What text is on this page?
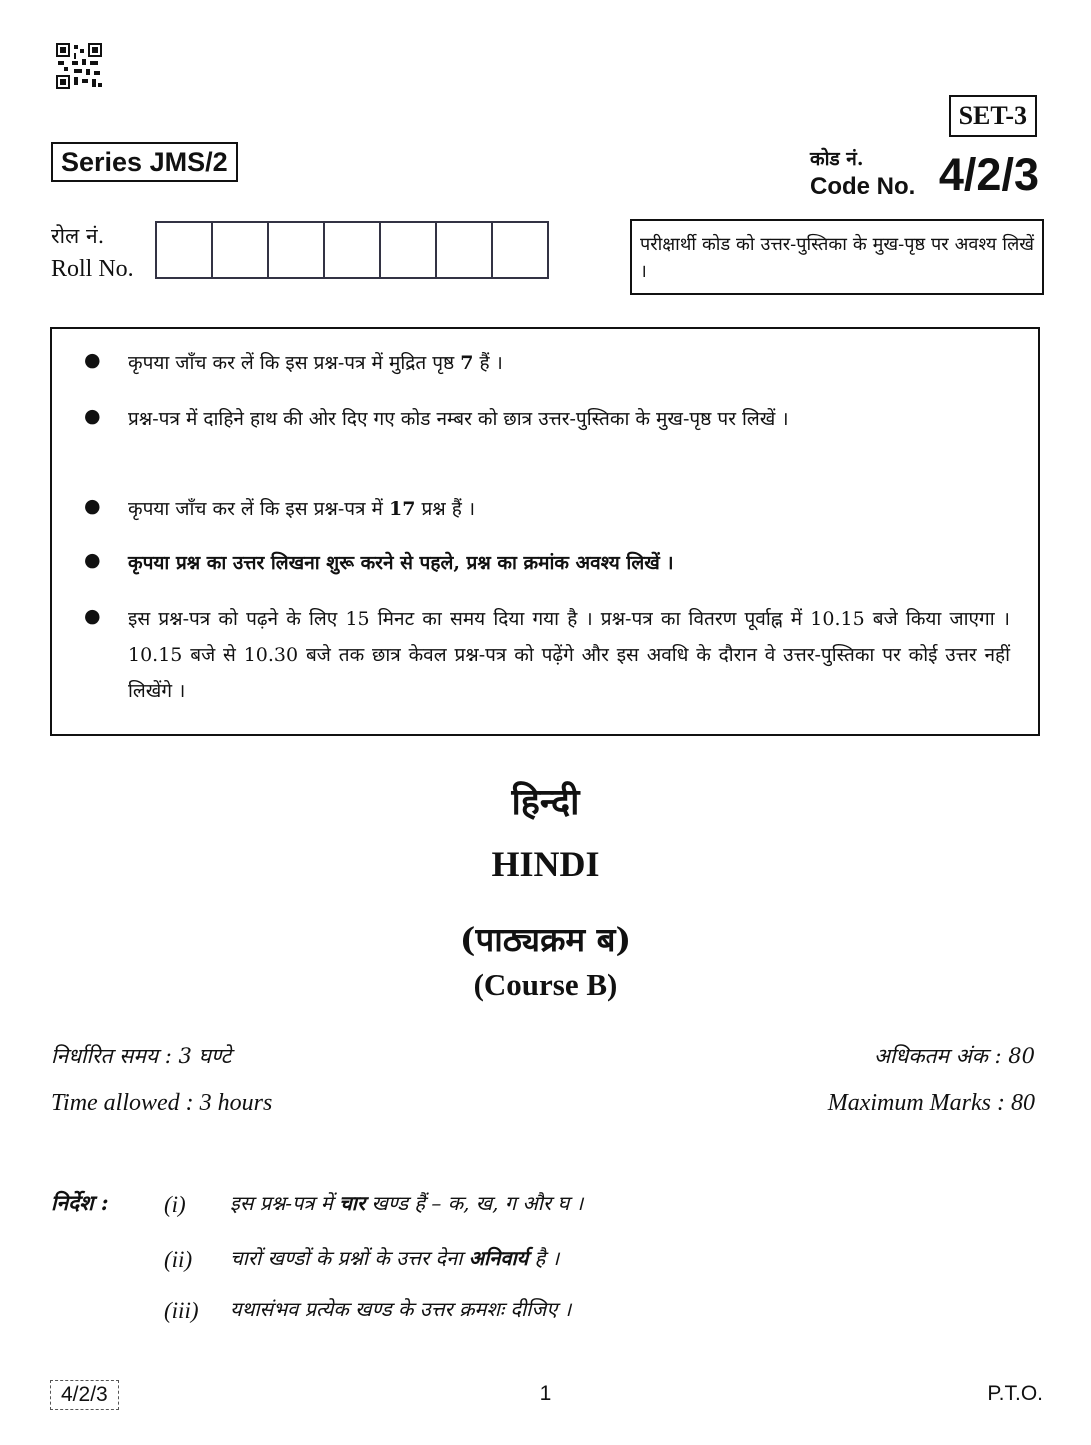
SET-3
Series JMS/2	कोड नं.
Code No. 4/2/3
रोल नं.
Roll No.
परीक्षार्थी कोड को उत्तर-पुस्तिका के मुख-पृष्ठ पर अवश्य लिखें ।
● कृपया जाँच कर लें कि इस प्रश्न-पत्र में मुद्रित पृष्ठ 7 हैं ।
● प्रश्न-पत्र में दाहिने हाथ की ओर दिए गए कोड नम्बर को छात्र उत्तर-पुस्तिका के मुख-पृष्ठ पर लिखें ।
● कृपया जाँच कर लें कि इस प्रश्न-पत्र में 17 प्रश्न हैं ।
● कृपया प्रश्न का उत्तर लिखना शुरू करने से पहले, प्रश्न का क्रमांक अवश्य लिखें ।
● इस प्रश्न-पत्र को पढ़ने के लिए 15 मिनट का समय दिया गया है । प्रश्न-पत्र का वितरण पूर्वाह्न में 10.15 बजे किया जाएगा । 10.15 बजे से 10.30 बजे तक छात्र केवल प्रश्न-पत्र को पढ़ेंगे और इस अवधि के दौरान वे उत्तर-पुस्तिका पर कोई उत्तर नहीं लिखेंगे ।
हिन्दी
HINDI
(पाठ्यक्रम ब)
(Course B)
निर्धारित समय : 3 घण्टे
Time allowed : 3 hours
अधिकतम अंक : 80
Maximum Marks : 80
निर्देश : (i) इस प्रश्न-पत्र में चार खण्ड हैं – क, ख, ग और घ ।
(ii) चारों खण्डों के प्रश्नों के उत्तर देना अनिवार्य है ।
(iii) यथासंभव प्रत्येक खण्ड के उत्तर क्रमशः दीजिए ।
4/2/3	1	P.T.O.
